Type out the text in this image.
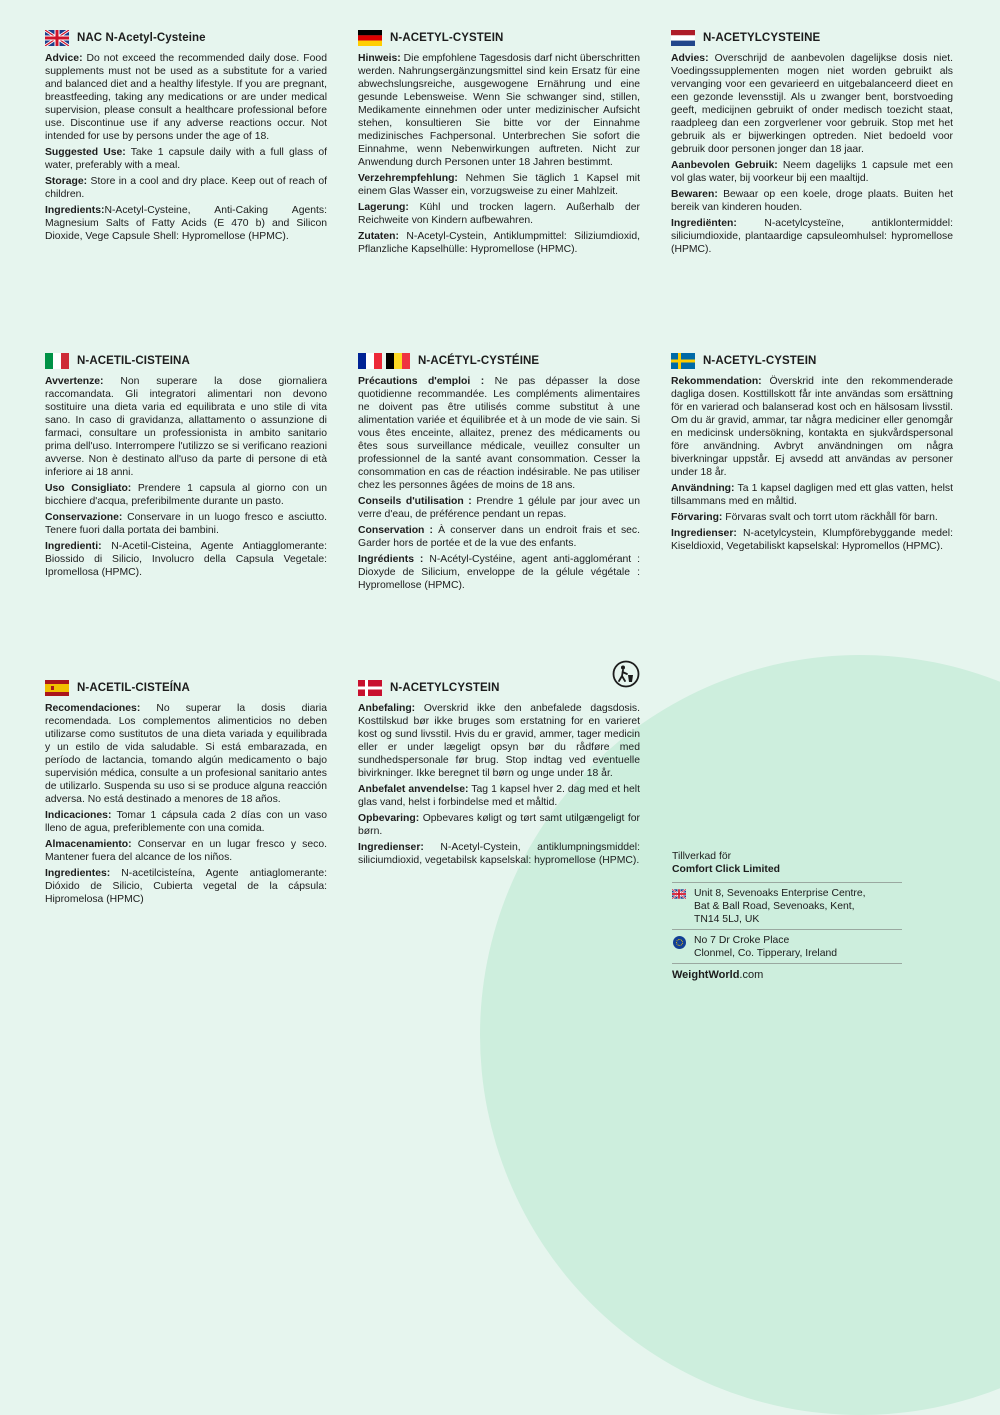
NAC N-Acetyl-Cysteine

Advice: Do not exceed the recommended daily dose. Food supplements must not be used as a substitute for a varied and balanced diet and a healthy lifestyle. If you are pregnant, breastfeeding, taking any medications or are under medical supervision, please consult a healthcare professional before use. Discontinue use if any adverse reactions occur. Not intended for use by persons under the age of 18.

Suggested Use: Take 1 capsule daily with a full glass of water, preferably with a meal.

Storage: Store in a cool and dry place. Keep out of reach of children.

Ingredients:N-Acetyl-Cysteine, Anti-Caking Agents: Magnesium Salts of Fatty Acids (E 470 b) and Silicon Dioxide, Vege Capsule Shell: Hypromellose (HPMC).

N-ACETYL-CYSTEIN

Hinweis: Die empfohlene Tagesdosis darf nicht überschritten werden. Nahrungsergänzungsmittel sind kein Ersatz für eine abwechslungsreiche, ausgewogene Ernährung und eine gesunde Lebensweise. Wenn Sie schwanger sind, stillen, Medikamente einnehmen oder unter medizinischer Aufsicht stehen, konsultieren Sie bitte vor der Einnahme medizinisches Fachpersonal. Unterbrechen Sie sofort die Einnahme, wenn Nebenwirkungen auftreten. Nicht zur Anwendung durch Personen unter 18 Jahren bestimmt.

Verzehrempfehlung: Nehmen Sie täglich 1 Kapsel mit einem Glas Wasser ein, vorzugsweise zu einer Mahlzeit.

Lagerung: Kühl und trocken lagern. Außerhalb der Reichweite von Kindern aufbewahren.

Zutaten: N-Acetyl-Cystein, Antiklumpmittel: Siliziumdioxid, Pflanzliche Kapselhülle: Hypromellose (HPMC).

N-ACETYLCYSTEINE

Advies: Overschrijd de aanbevolen dagelijkse dosis niet. Voedingssupplementen mogen niet worden gebruikt als vervanging voor een gevarieerd en uitgebalanceerd dieet en een gezonde levensstijl. Als u zwanger bent, borstvoeding geeft, medicijnen gebruikt of onder medisch toezicht staat, raadpleeg dan een zorgverlener voor gebruik. Stop met het gebruik als er bijwerkingen optreden. Niet bedoeld voor gebruik door personen jonger dan 18 jaar.

Aanbevolen Gebruik: Neem dagelijks 1 capsule met een vol glas water, bij voorkeur bij een maaltijd.

Bewaren: Bewaar op een koele, droge plaats. Buiten het bereik van kinderen houden.

Ingrediënten: N-acetylcysteïne, antiklontermiddel: siliciumdioxide, plantaardige capsuleomhulsel: hypromellose (HPMC).

N-ACETIL-CISTEINA

Avvertenze: Non superare la dose giornaliera raccomandata. Gli integratori alimentari non devono sostituire una dieta varia ed equilibrata e uno stile di vita sano. In caso di gravidanza, allattamento o assunzione di farmaci, consultare un professionista in ambito sanitario prima dell'uso. Interrompere l'utilizzo se si verificano reazioni avverse. Non è destinato all'uso da parte di persone di età inferiore ai 18 anni.

Uso Consigliato: Prendere 1 capsula al giorno con un bicchiere d'acqua, preferibilmente durante un pasto.

Conservazione: Conservare in un luogo fresco e asciutto. Tenere fuori dalla portata dei bambini.

Ingredienti: N-Acetil-Cisteina, Agente Antiagglomerante: Biossido di Silicio, Involucro della Capsula Vegetale: Ipromellosa (HPMC).

N-ACÉTYL-CYSTÉINE

Précautions d'emploi : Ne pas dépasser la dose quotidienne recommandée. Les compléments alimentaires ne doivent pas être utilisés comme substitut à une alimentation variée et équilibrée et à un mode de vie sain. Si vous êtes enceinte, allaitez, prenez des médicaments ou êtes sous surveillance médicale, veuillez consulter un professionnel de la santé avant consommation. Cesser la consommation en cas de réaction indésirable. Ne pas utiliser chez les personnes âgées de moins de 18 ans.

Conseils d'utilisation : Prendre 1 gélule par jour avec un verre d'eau, de préférence pendant un repas.

Conservation : À conserver dans un endroit frais et sec. Garder hors de portée et de la vue des enfants.

Ingrédients : N-Acétyl-Cystéine, agent anti-agglomérant : Dioxyde de Silicium, enveloppe de la gélule végétale : Hypromellose (HPMC).

N-ACETYL-CYSTEIN

Rekommendation: Överskrid inte den rekommenderade dagliga dosen. Kosttillskott får inte användas som ersättning för en varierad och balanserad kost och en hälsosam livsstil. Om du är gravid, ammar, tar några mediciner eller genomgår en medicinsk undersökning, kontakta en sjukvårdspersonal före användning. Avbryt användningen om några biverkningar uppstår. Ej avsedd att användas av personer under 18 år.

Användning: Ta 1 kapsel dagligen med ett glas vatten, helst tillsammans med en måltid.

Förvaring: Förvaras svalt och torrt utom räckhåll för barn.

Ingredienser: N-acetylcystein, Klumpförebyggande medel: Kiseldioxid, Vegetabiliskt kapselskal: Hypromellos (HPMC).

N-ACETIL-CISTEÍNA

Recomendaciones: No superar la dosis diaria recomendada. Los complementos alimenticios no deben utilizarse como sustitutos de una dieta variada y equilibrada y un estilo de vida saludable. Si está embarazada, en período de lactancia, tomando algún medicamento o bajo supervisión médica, consulte a un profesional sanitario antes de utilizarlo. Suspenda su uso si se produce alguna reacción adversa. No está destinado a menores de 18 años.

Indicaciones: Tomar 1 cápsula cada 2 días con un vaso lleno de agua, preferiblemente con una comida.

Almacenamiento: Conservar en un lugar fresco y seco. Mantener fuera del alcance de los niños.

Ingredientes: N-acetilcisteína, Agente antiaglomerante: Dióxido de Silicio, Cubierta vegetal de la cápsula: Hipromelosa (HPMC)

N-ACETYLCYSTEIN

Anbefaling: Overskrid ikke den anbefalede dagsdosis. Kosttilskud bør ikke bruges som erstatning for en varieret kost og sund livsstil. Hvis du er gravid, ammer, tager medicin eller er under lægeligt opsyn bør du rådføre med sundhedspersonale før brug. Stop indtag ved eventuelle bivirkninger. Ikke beregnet til børn og unge under 18 år.

Anbefalet anvendelse: Tag 1 kapsel hver 2. dag med et helt glas vand, helst i forbindelse med et måltid.

Opbevaring: Opbevares køligt og tørt samt utilgængeligt for børn.

Ingredienser: N-Acetyl-Cystein, antiklumpningsmiddel: siliciumdioxid, vegetabilsk kapselskal: hypromellose (HPMC).	Tillverkad för

Comfort Click Limited

Unit 8, Sevenoaks Enterprise Centre,
Bat & Ball Road, Sevenoaks, Kent,
TN14 5LJ, UK
No 7 Dr Croke Place
Clonmel, Co. Tipperary, Ireland
WeightWorld.com
